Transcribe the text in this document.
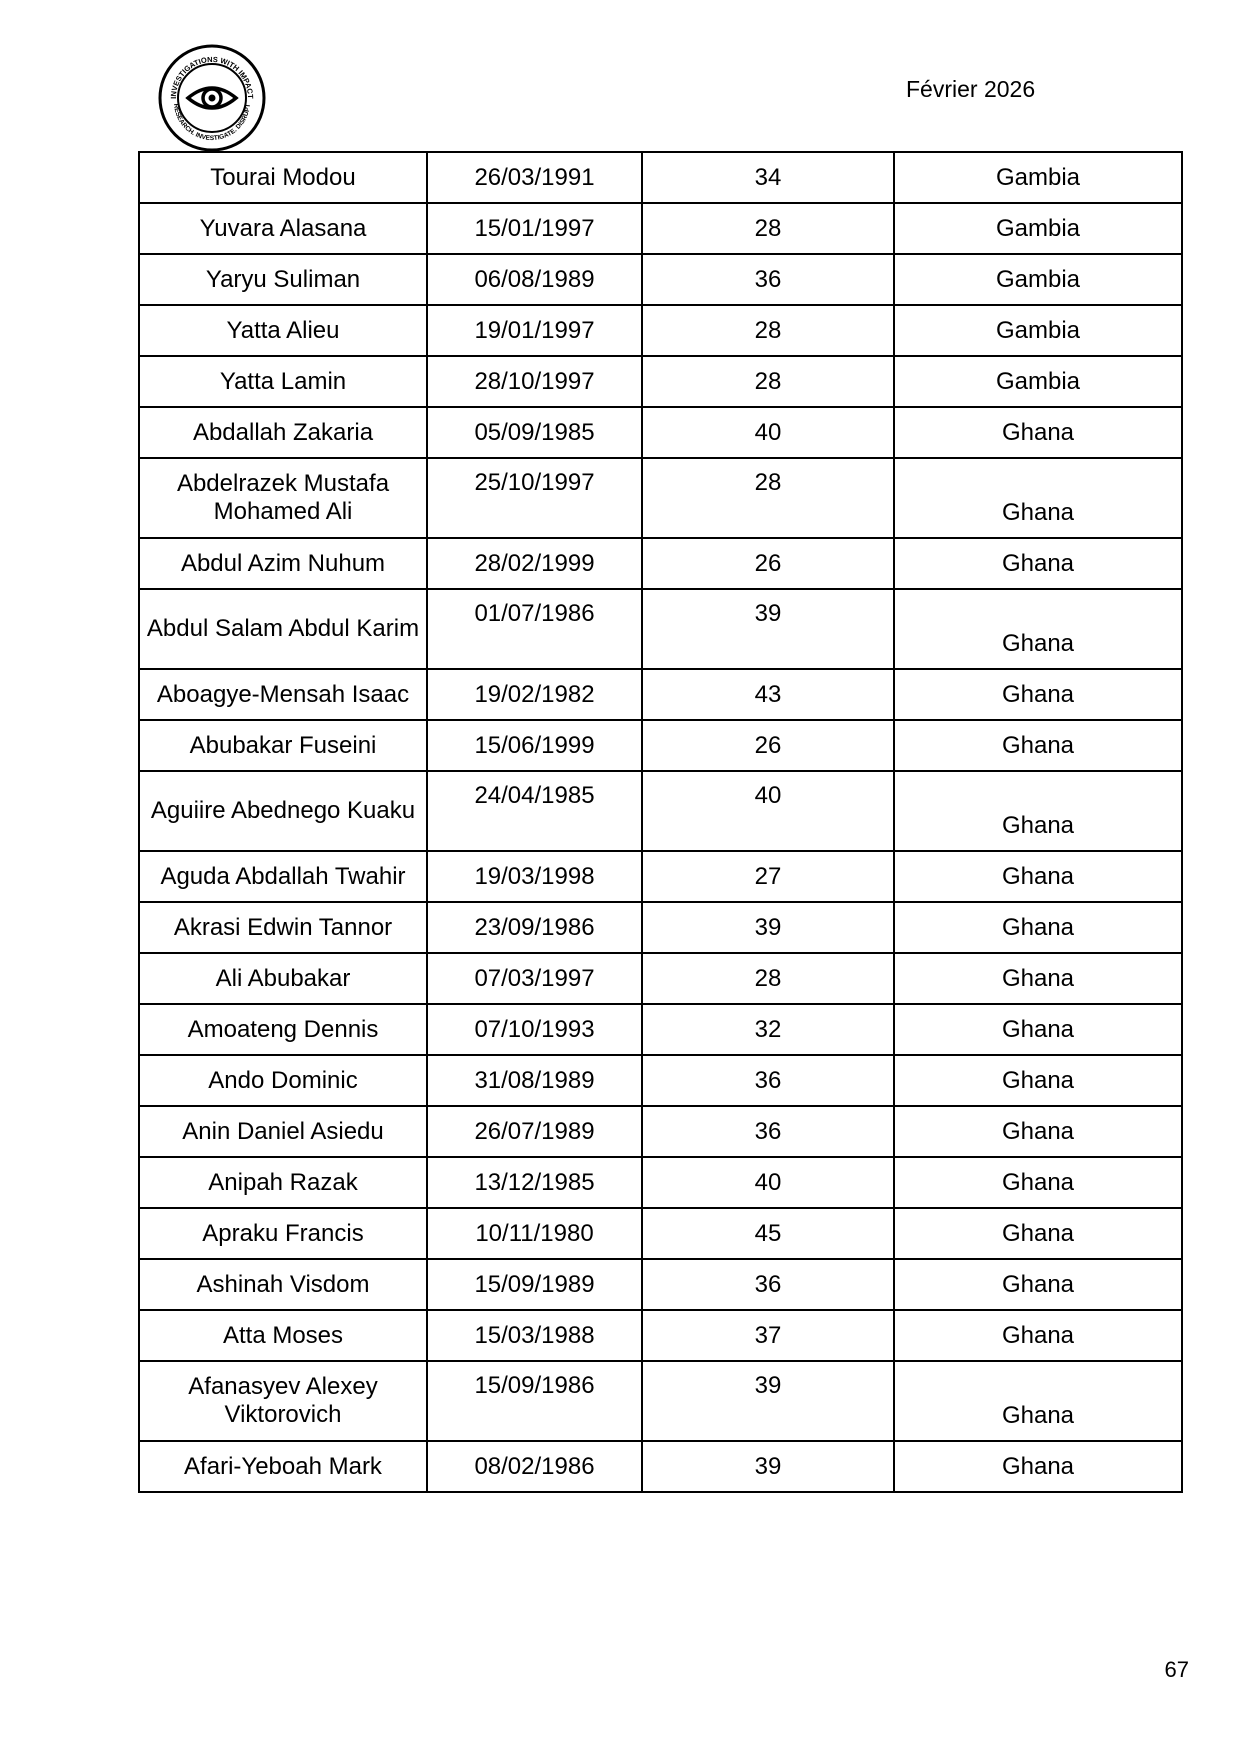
INVESTIGATIONS WITH IMPACT
RESEARCH. INVESTIGATE. DISRUPT
Février 2026
Tourai Modou	26/03/1991	34	Gambia
Yuvara Alasana	15/01/1997	28	Gambia
Yaryu Suliman	06/08/1989	36	Gambia
Yatta Alieu	19/01/1997	28	Gambia
Yatta Lamin	28/10/1997	28	Gambia
Abdallah Zakaria	05/09/1985	40	Ghana
Abdelrazek Mustafa Mohamed Ali	25/10/1997	28	Ghana
Abdul Azim Nuhum	28/02/1999	26	Ghana
Abdul Salam Abdul Karim	01/07/1986	39	Ghana
Aboagye-Mensah Isaac	19/02/1982	43	Ghana
Abubakar Fuseini	15/06/1999	26	Ghana
Aguiire Abednego Kuaku	24/04/1985	40	Ghana
Aguda Abdallah Twahir	19/03/1998	27	Ghana
Akrasi Edwin Tannor	23/09/1986	39	Ghana
Ali Abubakar	07/03/1997	28	Ghana
Amoateng Dennis	07/10/1993	32	Ghana
Ando Dominic	31/08/1989	36	Ghana
Anin Daniel Asiedu	26/07/1989	36	Ghana
Anipah Razak	13/12/1985	40	Ghana
Apraku Francis	10/11/1980	45	Ghana
Ashinah Visdom	15/09/1989	36	Ghana
Atta Moses	15/03/1988	37	Ghana
Afanasyev Alexey Viktorovich	15/09/1986	39	Ghana
Afari-Yeboah Mark	08/02/1986	39	Ghana
67
